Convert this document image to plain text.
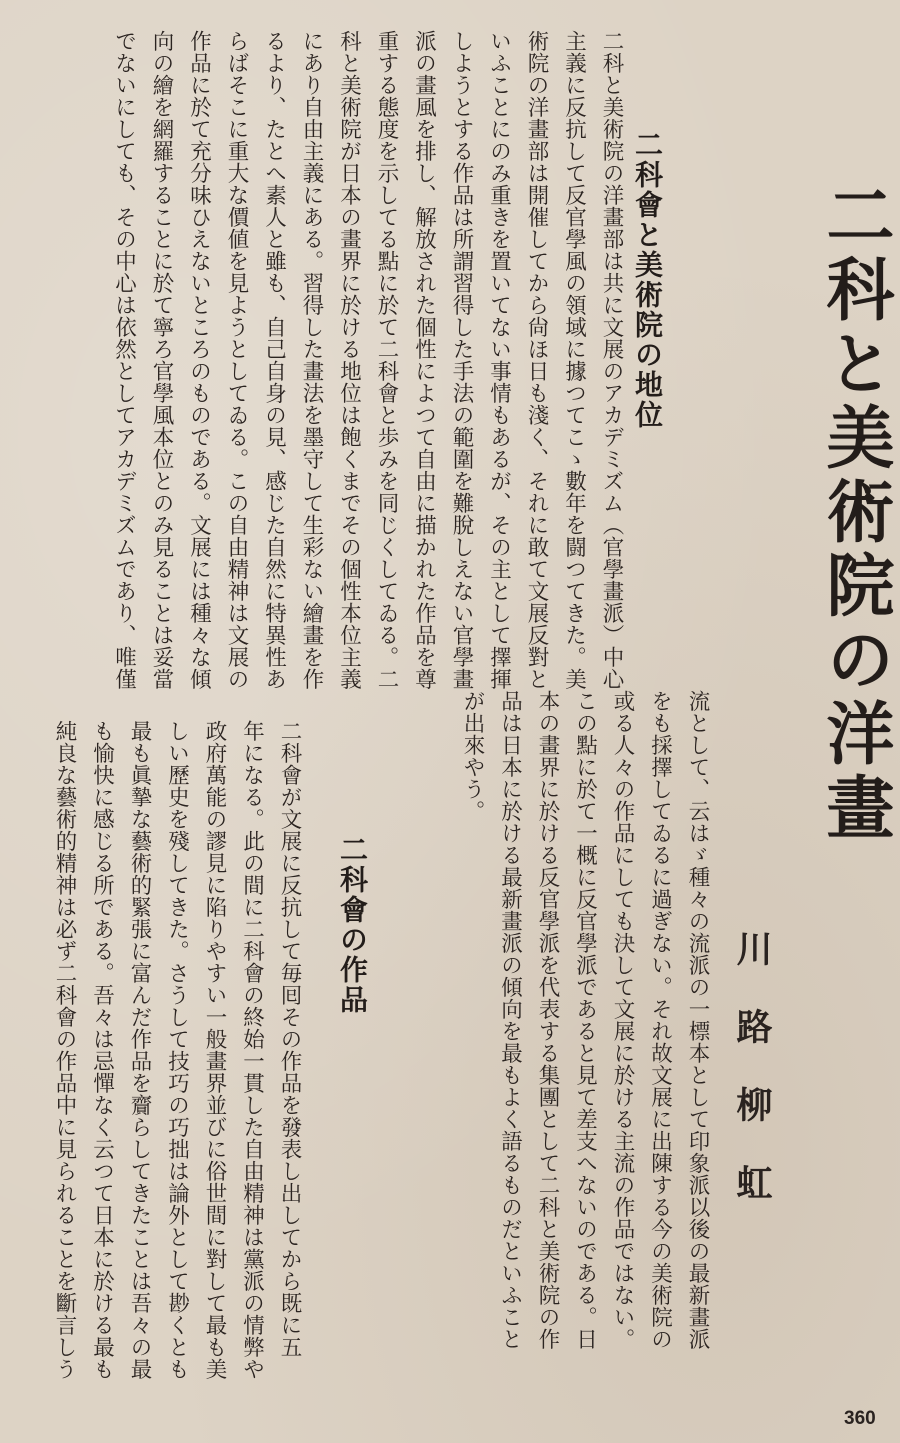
二科と美術院の洋畫
川路柳虹
二科會と美術院の地位

二科と美術院の洋畫部は共に文展のアカデミズム（官學畫派）中心
主義に反抗して反官學風の領域に據つてこゝ數年を闘つてきた。美
術院の洋畫部は開催してから尙ほ日も淺く、それに敢て文展反對と
いふことにのみ重きを置いてない事情もあるが、その主として擇揮
しようとする作品は所謂習得した手法の範圍を難脫しえない官學畫
派の畫風を排し、解放された個性によつて自由に描かれた作品を尊
重する態度を示してる點に於て二科會と歩みを同じくしてゐる。二
科と美術院が日本の畫界に於ける地位は飽くまでその個性本位主義
にあり自由主義にある。習得した畫法を墨守して生彩ない繪畫を作
るより、たとへ素人と雖も、自己自身の見、感じた自然に特異性あ
らばそこに重大な價値を見ようとしてゐる。この自由精神は文展の
作品に於て充分味ひえないところのものである。文展には種々な傾
向の繪を網羅することに於て寧ろ官學風本位とのみ見ることは妥當
でないにしても、その中心は依然としてアカデミズムであり、唯僅

流として、云はゞ種々の流派の一標本として印象派以後の最新畫派
をも採擇してゐるに過ぎない。それ故文展に出陳する今の美術院の
或る人々の作品にしても決して文展に於ける主流の作品ではない。
この點に於て一概に反官學派であると見て差支へないのである。日
本の畫界に於ける反官學派を代表する集團として二科と美術院の作
品は日本に於ける最新畫派の傾向を最もよく語るものだといふこと
が出來やう。

二科會の作品

二科會が文展に反抗して毎囘その作品を發表し出してから既に五
年になる。此の間に二科會の終始一貫した自由精神は黨派の情弊や
政府萬能の謬見に陷りやすい一般畫界並びに俗世間に對して最も美
しい歷史を殘してきた。さうして技巧の巧拙は論外として尠くとも
最も眞摯な藝術的緊張に富んだ作品を齎らしてきたことは吾々の最
も愉快に感じる所である。吾々は忌憚なく云つて日本に於ける最も
純良な藝術的精神は必ず二科會の作品中に見られることを斷言しう

360
